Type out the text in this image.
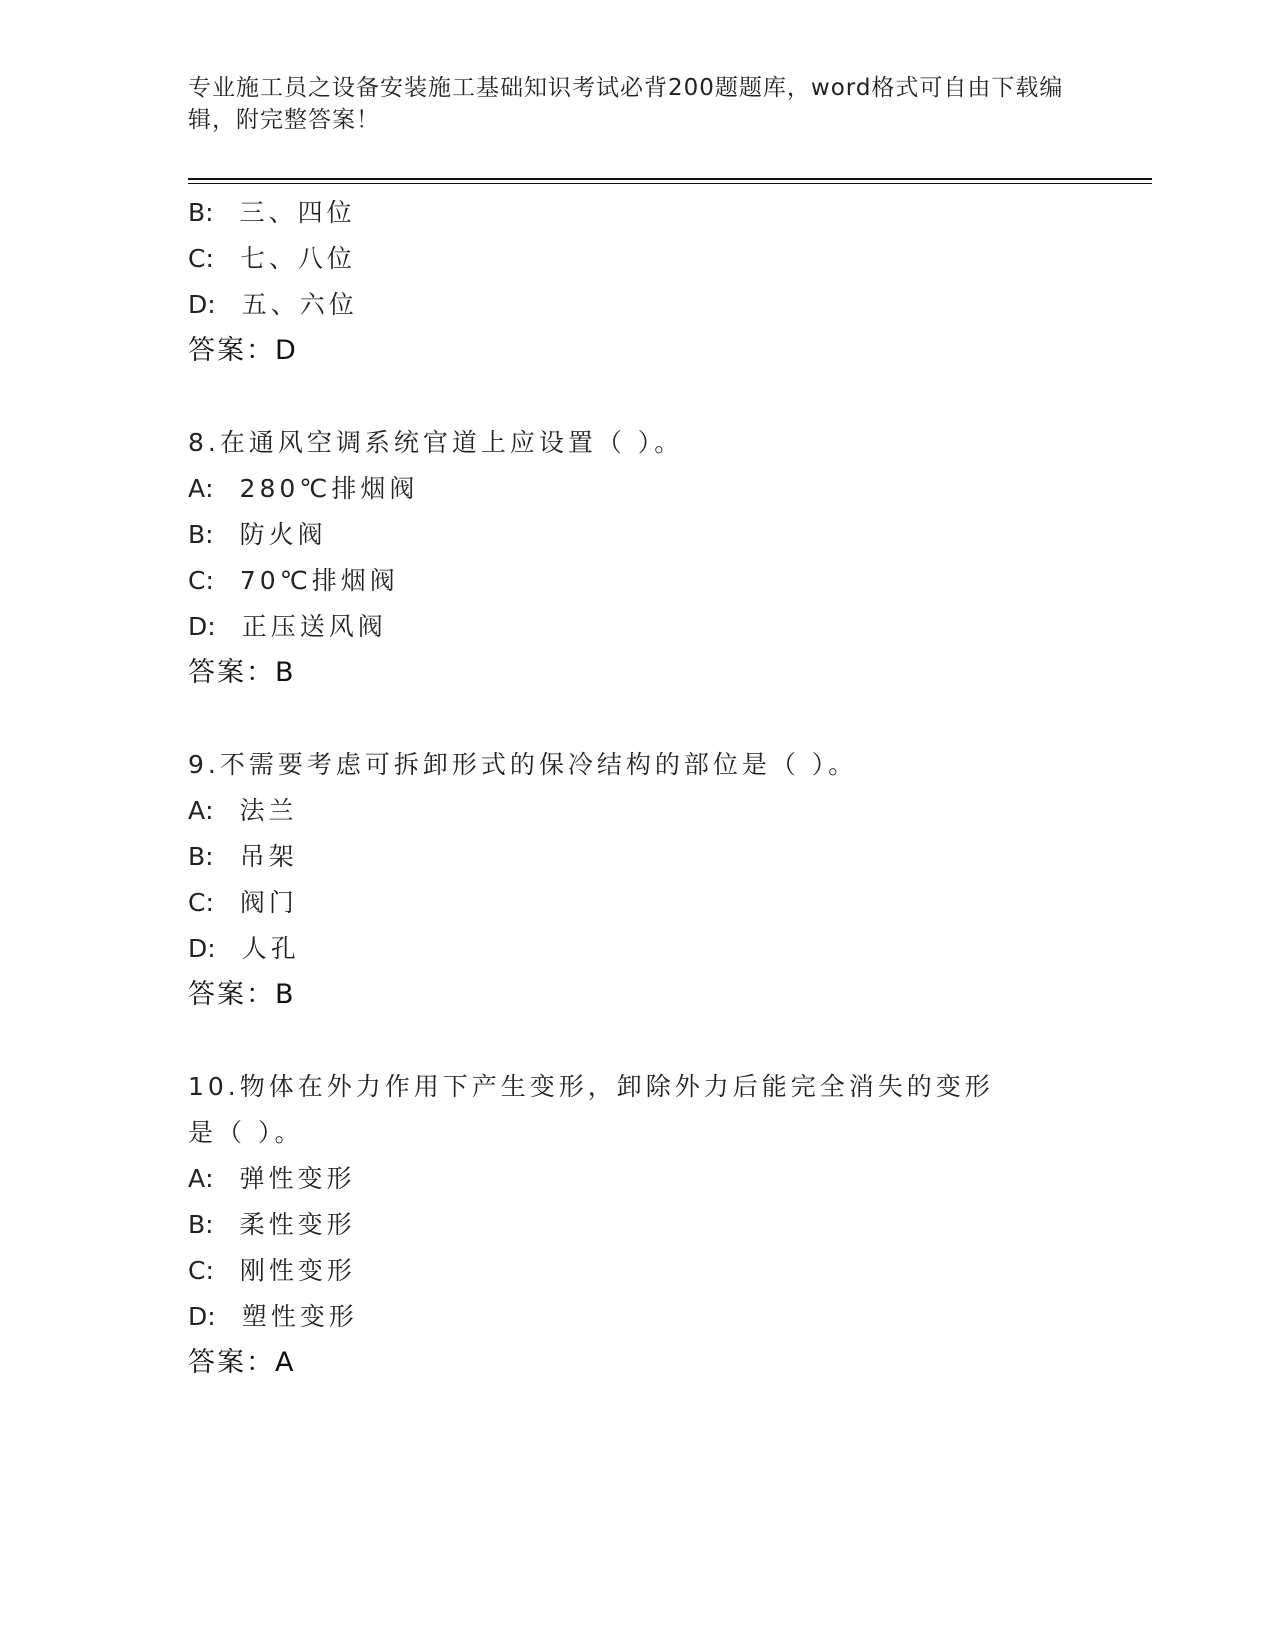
专业施工员之设备安装施工基础知识考试必背200题题库，word格式可自由下载编辑，附完整答案！
B: 三、四位
C: 七、八位
D: 五、六位
答案：D
8.在通风空调系统官道上应设置（ ）。
A: 280℃排烟阀
B: 防火阀
C: 70℃排烟阀
D: 正压送风阀
答案：B
9.不需要考虑可拆卸形式的保冷结构的部位是（ ）。
A: 法兰
B: 吊架
C: 阀门
D: 人孔
答案：B
10.物体在外力作用下产生变形，卸除外力后能完全消失的变形是（ ）。
A: 弹性变形
B: 柔性变形
C: 刚性变形
D: 塑性变形
答案：A
